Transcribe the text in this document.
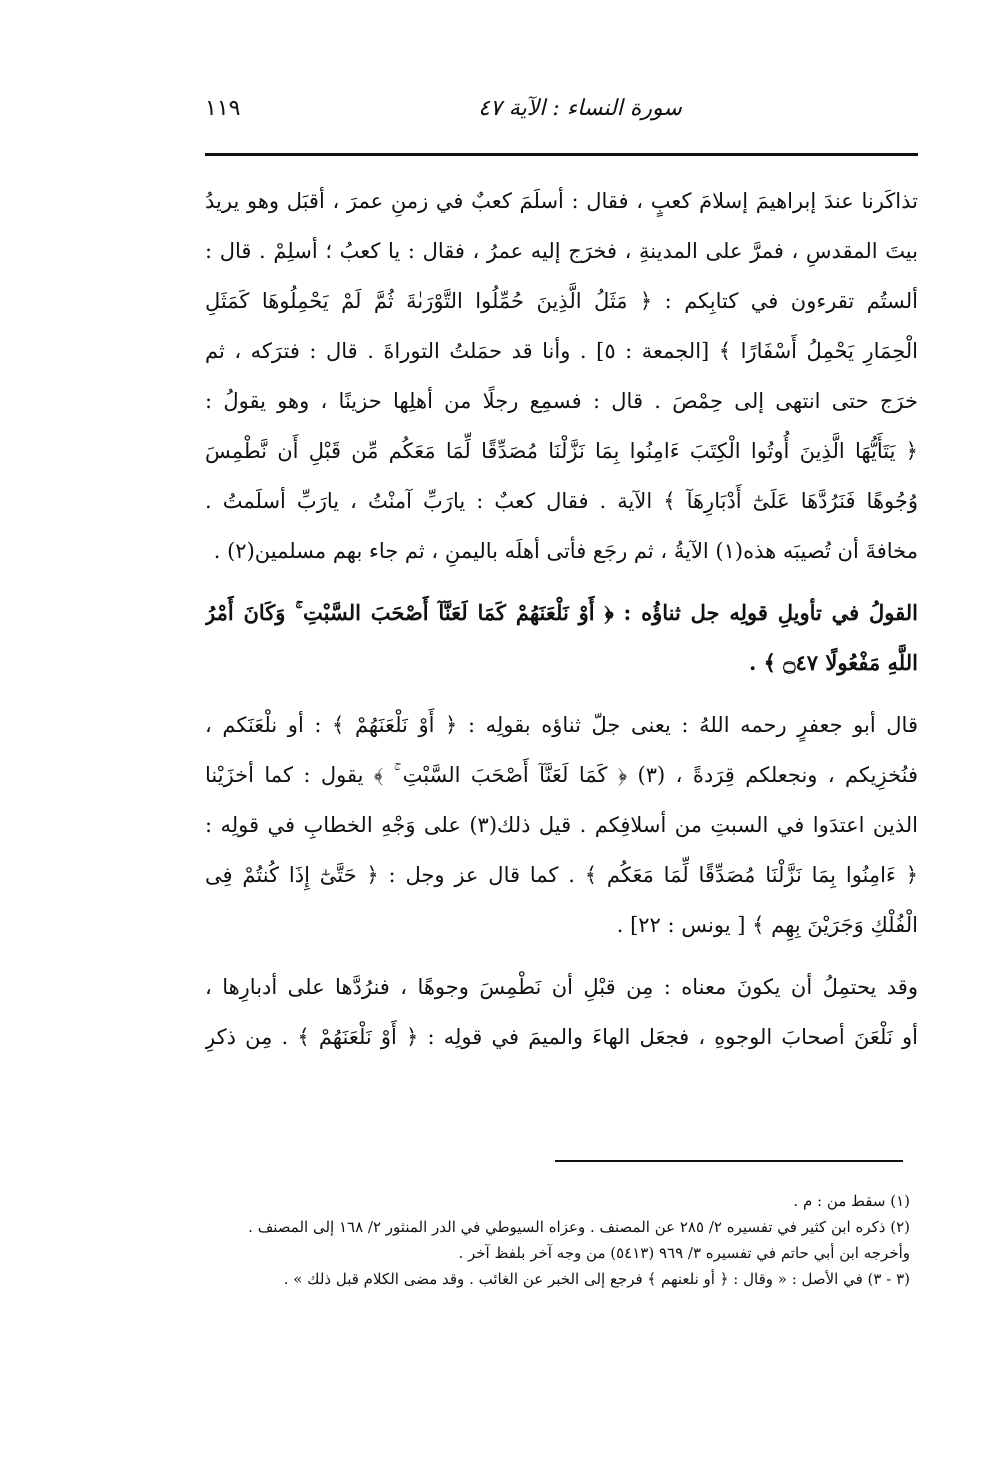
١١٩	سورة النساء : الآية ٤٧
تذاكَرنا عندَ إبراهيمَ إسلامَ كعبٍ ، فقال : أسلَمَ كعبٌ في زمنِ عمرَ ، أقبَل وهو يريدُ
بيتَ المقدسِ ، فمرَّ على المدينةِ ، فخرَج إليه عمرُ ، فقال : يا كعبُ ؛ أسلِمْ . قال :
ألستُم تقرءون في كتابِكم : ﴿ مَثَلُ الَّذِينَ حُمِّلُوا التَّوْرَىٰةَ ثُمَّ لَمْ يَحْمِلُوهَا كَمَثَلِ
الْحِمَارِ يَحْمِلُ أَسْفَارًا ﴾ [الجمعة : ٥] . وأنا قد حمَلتُ التوراةَ . قال : فترَكه ، ثم
خرَج حتى انتهى إلى حِمْصَ . قال : فسمِع رجلًا من أهلِها حزينًا ، وهو يقولُ :
﴿ يَتَأَيُّهَا الَّذِينَ أُوتُوا الْكِتَبَ ءَامِنُوا بِمَا نَزَّلْنَا مُصَدِّقًا لِّمَا مَعَكُم مِّن قَبْلِ أَن نَّطْمِسَ
وُجُوهًا فَنَرُدَّهَا عَلَىٰٓ أَدْبَارِهَآ ﴾ الآية . فقال كعبٌ : يارَبِّ آمنْتُ ، يارَبِّ أسلَمتُ .
مخافةَ أن تُصيبَه هذه(١) الآيةُ ، ثم رجَع فأتى أهلَه باليمنِ ، ثم جاء بهم مسلمين(٢) .
القولُ في تأويلِ قولِه جل ثناؤُه : ﴿ أَوْ نَلْعَنَهُمْ كَمَا لَعَنَّآ أَصْحَبَ السَّبْتِ ۚ وَكَانَ أَمْرُ
اللَّهِ مَفْعُولًا ۝٤٧ ﴾ .
قال أبو جعفرٍ رحمه اللهُ : يعنى جلّ ثناؤه بقولِه : ﴿ أَوْ نَلْعَنَهُمْ ﴾ : أو نلْعَنَكم ،
فنُخزِيكم ، ونجعلكم قِرَدةً ، (٣) ﴿ كَمَا لَعَنَّآ أَصْحَبَ السَّبْتِ ۚ ﴾ يقول : كما أخزَيْنا
الذين اعتدَوا في السبتِ من أسلافِكم . قيل ذلك(٣) على وَجْهِ الخطابِ في قولِه :
﴿ ءَامِنُوا بِمَا نَزَّلْنَا مُصَدِّقًا لِّمَا مَعَكُم ﴾ . كما قال عز وجل : ﴿ حَتَّىٰٓ إِذَا كُنتُمْ فِى
الْفُلْكِ وَجَرَيْنَ بِهِم ﴾ [ يونس : ٢٢] .
وقد يحتمِلُ أن يكونَ معناه : مِن قبْلِ أن نَطْمِسَ وجوهًا ، فنرُدَّها على أدبارِها ،
أو نَلْعَنَ أصحابَ الوجوهِ ، فجعَل الهاءَ والميمَ في قولِه : ﴿ أَوْ نَلْعَنَهُمْ ﴾ . مِن ذكرِ
(١) سقط من : م .
(٢) ذكره ابن كثير في تفسيره ٢/ ٢٨٥ عن المصنف . وعزاه السيوطي في الدر المنثور ٢/ ١٦٨ إلى المصنف .
وأخرجه ابن أبي حاتم في تفسيره ٣/ ٩٦٩ (٥٤١٣) من وجه آخر بلفظ آخر .
(٣ - ٣) في الأصل : « وقال : ﴿ أو نلعنهم ﴾ فرجع إلى الخبر عن الغائب . وقد مضى الكلام قبل ذلك » .
